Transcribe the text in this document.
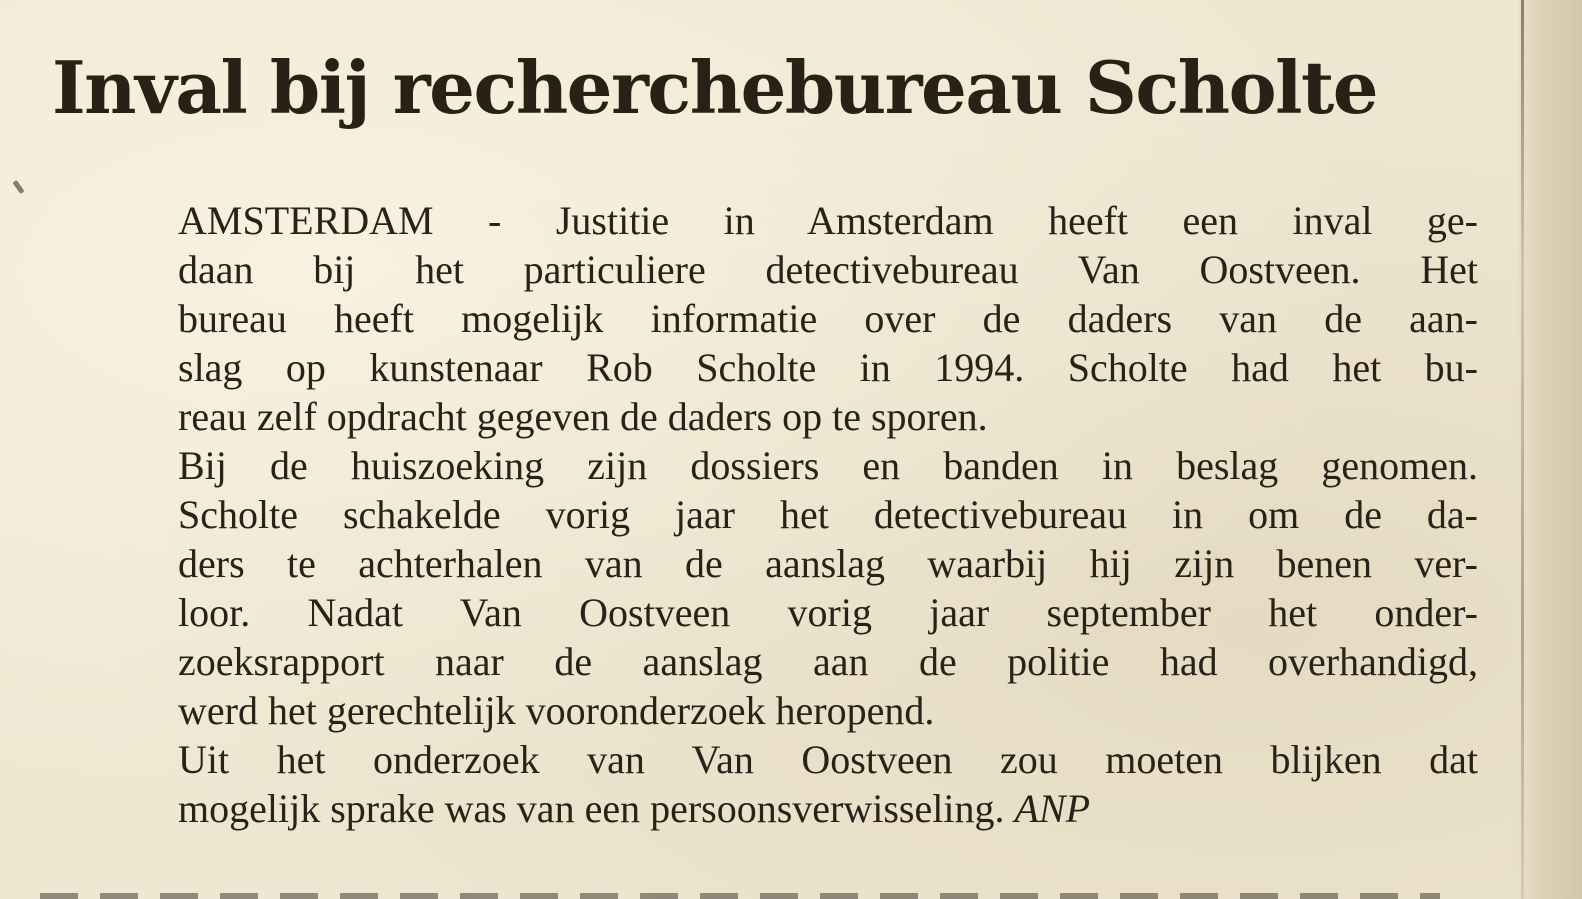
Inval bij recherchebureau Scholte
AMSTERDAM - Justitie in Amsterdam heeft een inval ge-
daan bij het particuliere detectivebureau Van Oostveen. Het
bureau heeft mogelijk informatie over de daders van de aan-
slag op kunstenaar Rob Scholte in 1994. Scholte had het bu-
reau zelf opdracht gegeven de daders op te sporen.
Bij de huiszoeking zijn dossiers en banden in beslag genomen.
Scholte schakelde vorig jaar het detectivebureau in om de da-
ders te achterhalen van de aanslag waarbij hij zijn benen ver-
loor. Nadat Van Oostveen vorig jaar september het onder-
zoeksrapport naar de aanslag aan de politie had overhandigd,
werd het gerechtelijk vooronderzoek heropend.
Uit het onderzoek van Van Oostveen zou moeten blijken dat
mogelijk sprake was van een persoonsverwisseling. ANP
